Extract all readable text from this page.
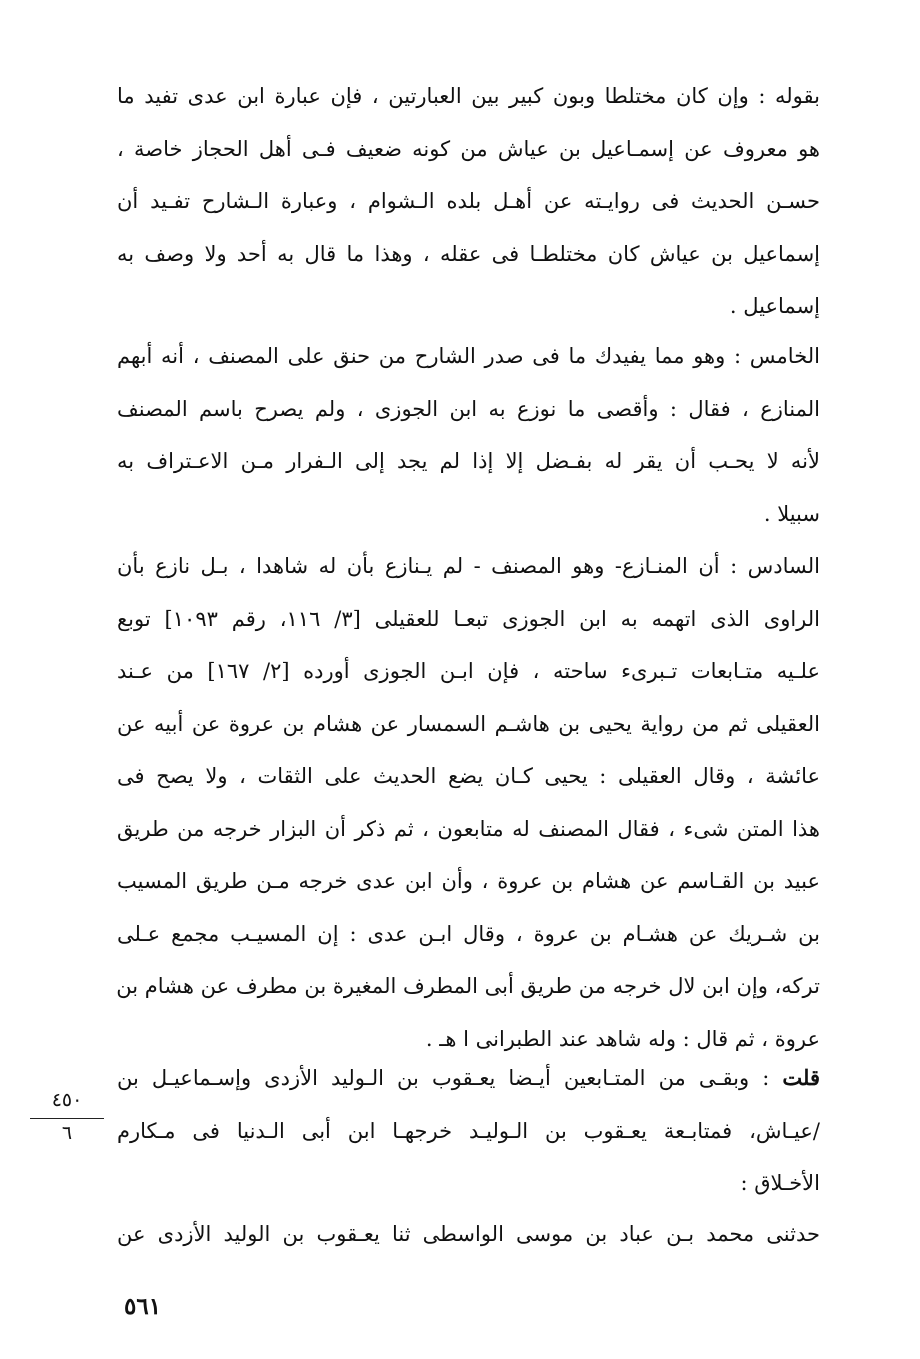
بقوله : وإن كان مختلطا وبون كبير بين العبارتين ، فإن عبارة ابن عدى تفيد ما
هو معروف عن إسمـاعيل بن عياش من كونه ضعيف فـى أهل الحجاز خاصة ،
حسـن الحديث فى روايـته عن أهـل بلده الـشوام ، وعبارة الـشارح تفـيد أن
إسماعيل بن عياش كان مختلطـا فى عقله ، وهذا ما قال به أحد ولا وصف به
إسماعيل .
الخامس : وهو مما يفيدك ما فى صدر الشارح من حنق على المصنف ، أنه أبهم
المنازع ، فقال : وأقصى ما نوزع به ابن الجوزى ، ولم يصرح باسم المصنف
لأنه لا يحـب أن يقر له بفـضل إلا إذا لم يجد إلى الـفرار مـن الاعـتراف به
سبيلا .
السادس : أن المنـازع- وهو المصنف - لم يـنازع بأن له شاهدا ، بـل نازع بأن
الراوى الذى اتهمه به ابن الجوزى تبعـا للعقيلى [٣/ ١١٦، رقم ١٠٩٣] توبع
علـيه متـابعات تـبرىء ساحته ، فإن ابـن الجوزى أورده [٢/ ١٦٧] من عـند
العقيلى ثم من رواية يحيى بن هاشـم السمسار عن هشام بن عروة عن أبيه عن
عائشة ، وقال العقيلى : يحيى كـان يضع الحديث على الثقات ، ولا يصح فى
هذا المتن شىء ، فقال المصنف له متابعون ، ثم ذكر أن البزار خرجه من طريق
عبيد بن القـاسم عن هشام بن عروة ، وأن ابن عدى خرجه مـن طريق المسيب
بن شـريك عن هشـام بن عروة ، وقال ابـن عدى : إن المسيـب مجمع عـلى
تركه، وإن ابن لال خرجه من طريق أبى المطرف المغيرة بن مطرف عن هشام بن
عروة ، ثم قال : وله شاهد عند الطبرانى ا هـ .
قلت : وبقـى من المتـابعين أيـضا يعـقوب بن الـوليد الأزدى وإسـماعيـل بن
/عيـاش، فمتابـعة يعـقوب بن الـوليـد خرجهـا ابن أبى الـدنيا فى مـكارم
الأخـلاق :
حدثنى محمد بـن عباد بن موسى الواسطى ثنا يعـقوب بن الوليد الأزدى عن
٤٥٠
٦
٥٦١
